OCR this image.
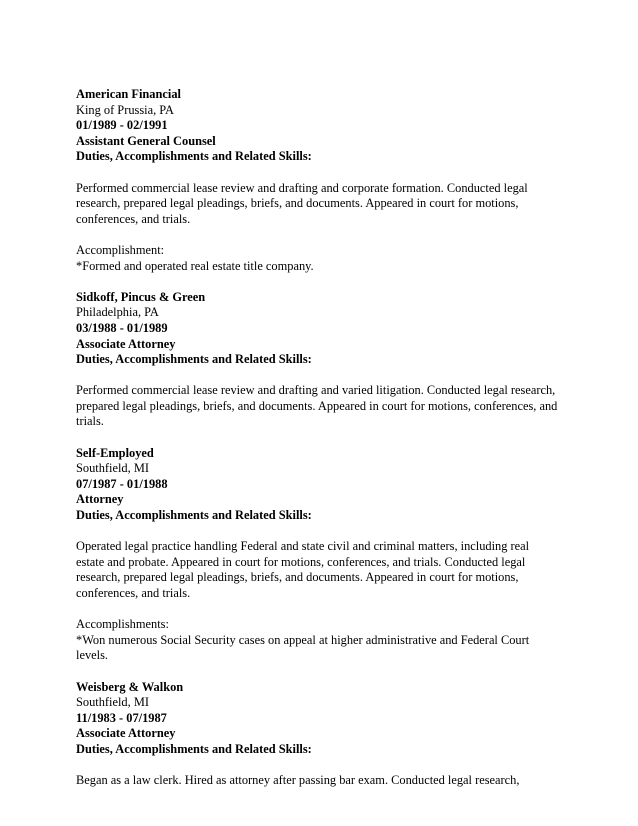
American Financial
King of Prussia, PA
01/1989 - 02/1991
Assistant General Counsel
Duties, Accomplishments and Related Skills:
Performed commercial lease review and drafting and corporate formation. Conducted legal
research, prepared legal pleadings, briefs, and documents. Appeared in court for motions,
conferences, and trials.
Accomplishment:
*Formed and operated real estate title company.
Sidkoff, Pincus & Green
Philadelphia, PA
03/1988 - 01/1989
Associate Attorney
Duties, Accomplishments and Related Skills:
Performed commercial lease review and drafting and varied litigation. Conducted legal research,
prepared legal pleadings, briefs, and documents. Appeared in court for motions, conferences, and
trials.
Self-Employed
Southfield, MI
07/1987 - 01/1988
Attorney
Duties, Accomplishments and Related Skills:
Operated legal practice handling Federal and state civil and criminal matters, including real
estate and probate. Appeared in court for motions, conferences, and trials. Conducted legal
research, prepared legal pleadings, briefs, and documents. Appeared in court for motions,
conferences, and trials.
Accomplishments:
*Won numerous Social Security cases on appeal at higher administrative and Federal Court
levels.
Weisberg & Walkon
Southfield, MI
11/1983 - 07/1987
Associate Attorney
Duties, Accomplishments and Related Skills:
Began as a law clerk. Hired as attorney after passing bar exam. Conducted legal research,
